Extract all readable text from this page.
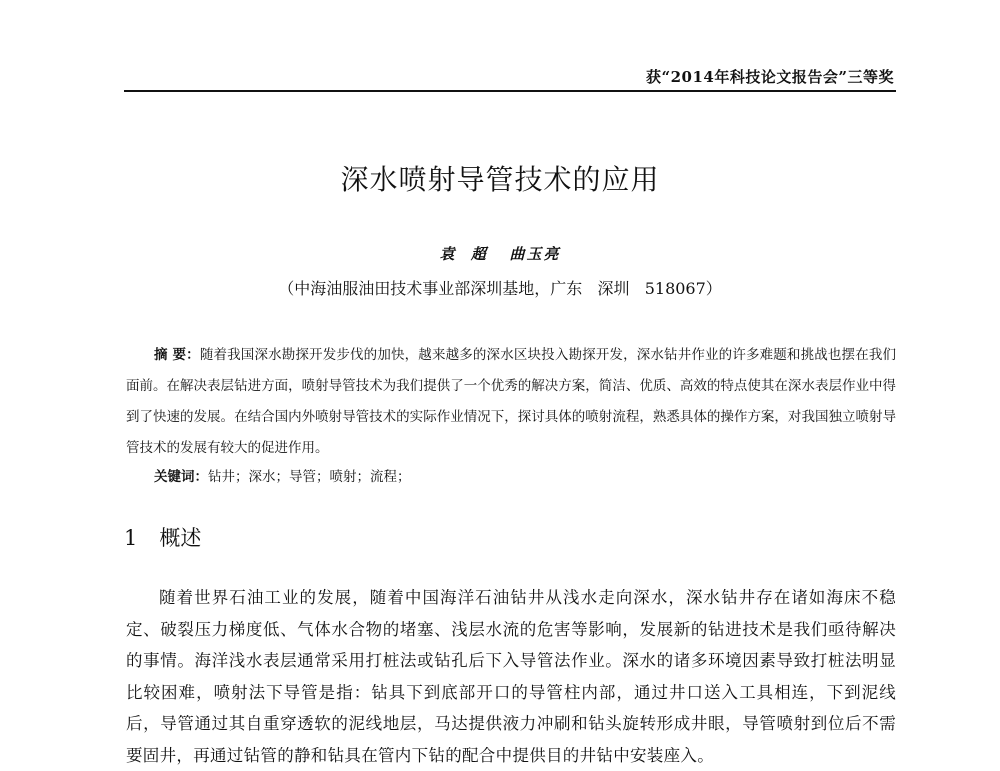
获“2014年科技论文报告会”三等奖
深水喷射导管技术的应用
袁  超   曲玉亮
（中海油服油田技术事业部深圳基地，广东   深圳   518067）
摘 要：随着我国深水勘探开发步伐的加快，越来越多的深水区块投入勘探开发，深水钻井作业的许多难题和挑战也摆在我们面前。在解决表层钻进方面，喷射导管技术为我们提供了一个优秀的解决方案，简洁、优质、高效的特点使其在深水表层作业中得到了快速的发展。在结合国内外喷射导管技术的实际作业情况下，探讨具体的喷射流程，熟悉具体的操作方案，对我国独立喷射导管技术的发展有较大的促进作用。
关键词：钻井；深水；导管；喷射；流程；
1 概述
随着世界石油工业的发展，随着中国海洋石油钻井从浅水走向深水，深水钻井存在诸如海床不稳定、破裂压力梯度低、气体水合物的堵塞、浅层水流的危害等影响，发展新的钻进技术是我们亟待解决的事情。海洋浅水表层通常采用打桩法或钻孔后下入导管法作业。深水的诸多环境因素导致打桩法明显比较困难，喷射法下导管是指：钻具下到底部开口的导管柱内部，通过井口送入工具相连，下到泥线后，导管通过其自重穿透软的泥线地层，马达提供液力冲刷和钻头旋转形成井眼，导管喷射到位后不需要固井，再通过钻管的静和钻具在管内下钻的配合中提供目的井钻中安装座入。
